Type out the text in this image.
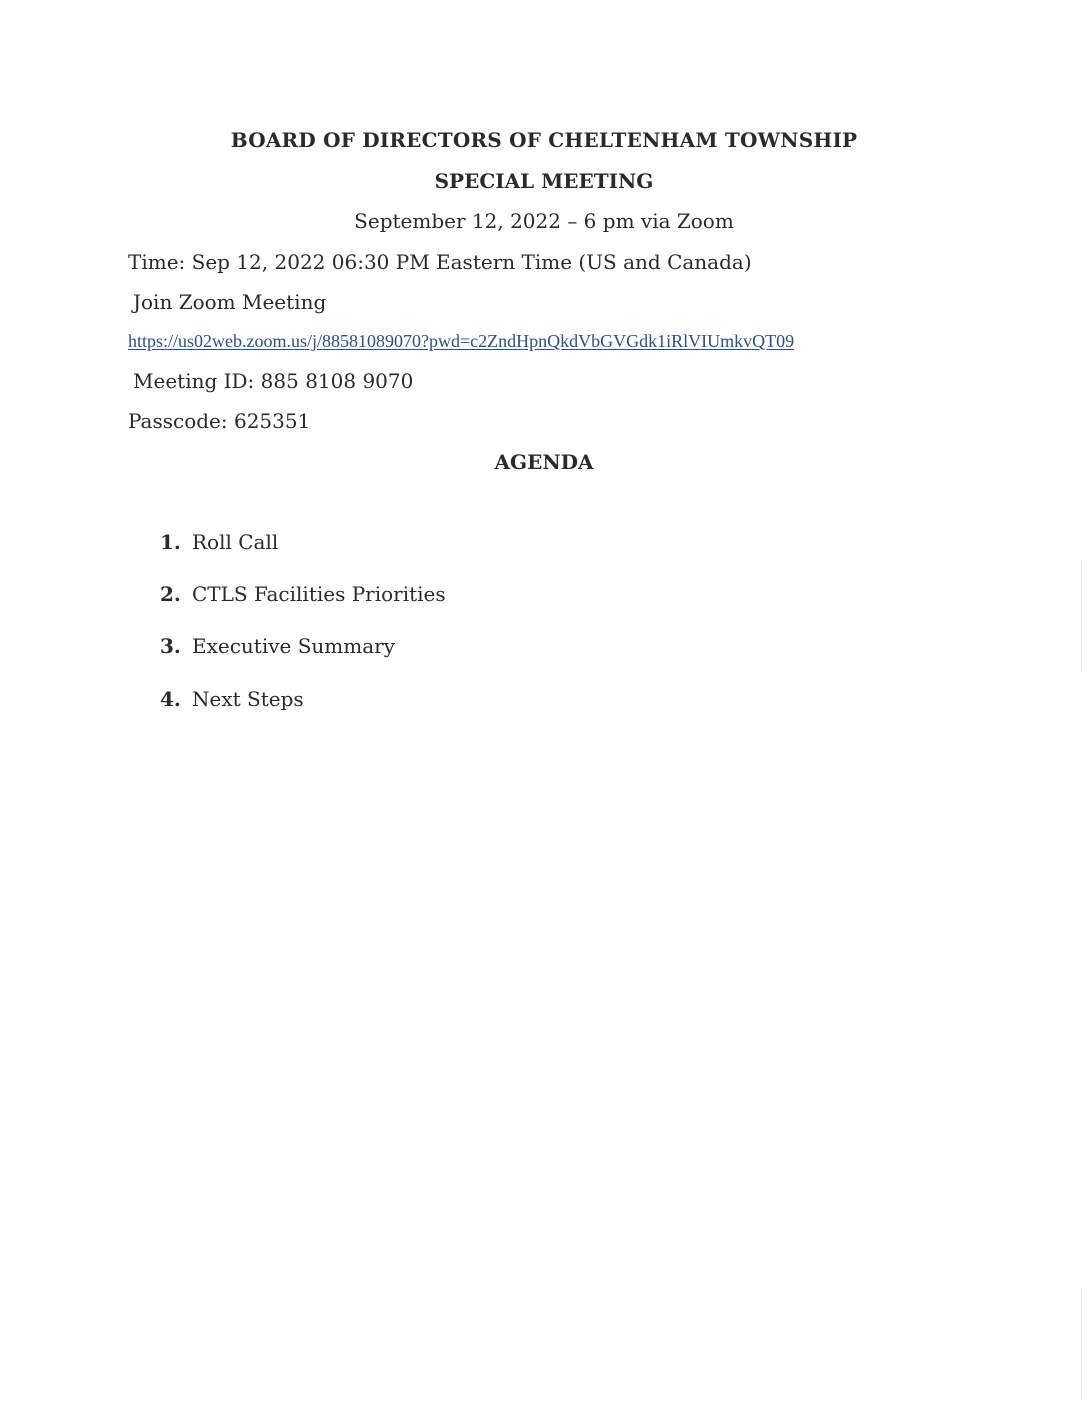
BOARD OF DIRECTORS OF CHELTENHAM TOWNSHIP
SPECIAL MEETING
September 12, 2022 – 6 pm via Zoom
Time: Sep 12, 2022 06:30 PM Eastern Time (US and Canada)
Join Zoom Meeting
https://us02web.zoom.us/j/88581089070?pwd=c2ZndHpnQkdVbGVGdk1iRlVIUmkvQT09
Meeting ID: 885 8108 9070
Passcode: 625351
AGENDA
1. Roll Call
2. CTLS Facilities Priorities
3. Executive Summary
4. Next Steps
